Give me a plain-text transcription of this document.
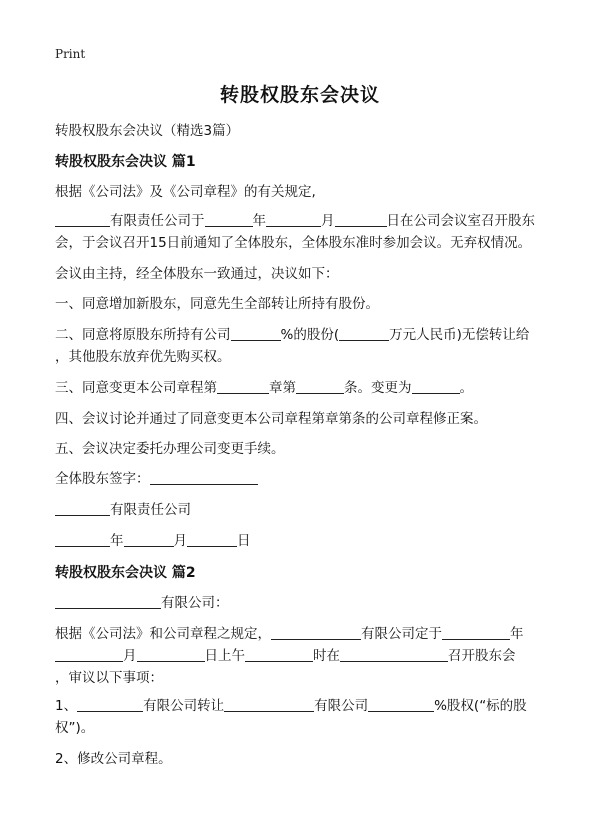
Print
转股权股东会决议

转股权股东会决议（精选3篇）

转股权股东会决议 篇1

根据《公司法》及《公司章程》的有关规定,

有限责任公司于	年	月	日在公司会议室召开股东

会，于会议召开15日前通知了全体股东，全体股东准时参加会议。无弃权情况。

会议由主持，经全体股东一致通过，决议如下：

一、同意增加新股东，同意先生全部转让所持有股份。

二、同意将原股东所持有公司	%的股份(	万元人民币)无偿转让给

，其他股东放弃优先购买权。

三、同意变更本公司章程第	章第	条。变更为	。

四、会议讨论并通过了同意变更本公司章程第章第条的公司章程修正案。

五、会议决定委托办理公司变更手续。

全体股东签字：

有限责任公司

年	月	日

转股权股东会决议 篇2

有限公司：

根据《公司法》和公司章程之规定，	有限公司定于	年

月	日上午	时在	召开股东会

，审议以下事项：

1、	有限公司转让	有限公司	%股权(“标的股

权”)。

2、修改公司章程。
